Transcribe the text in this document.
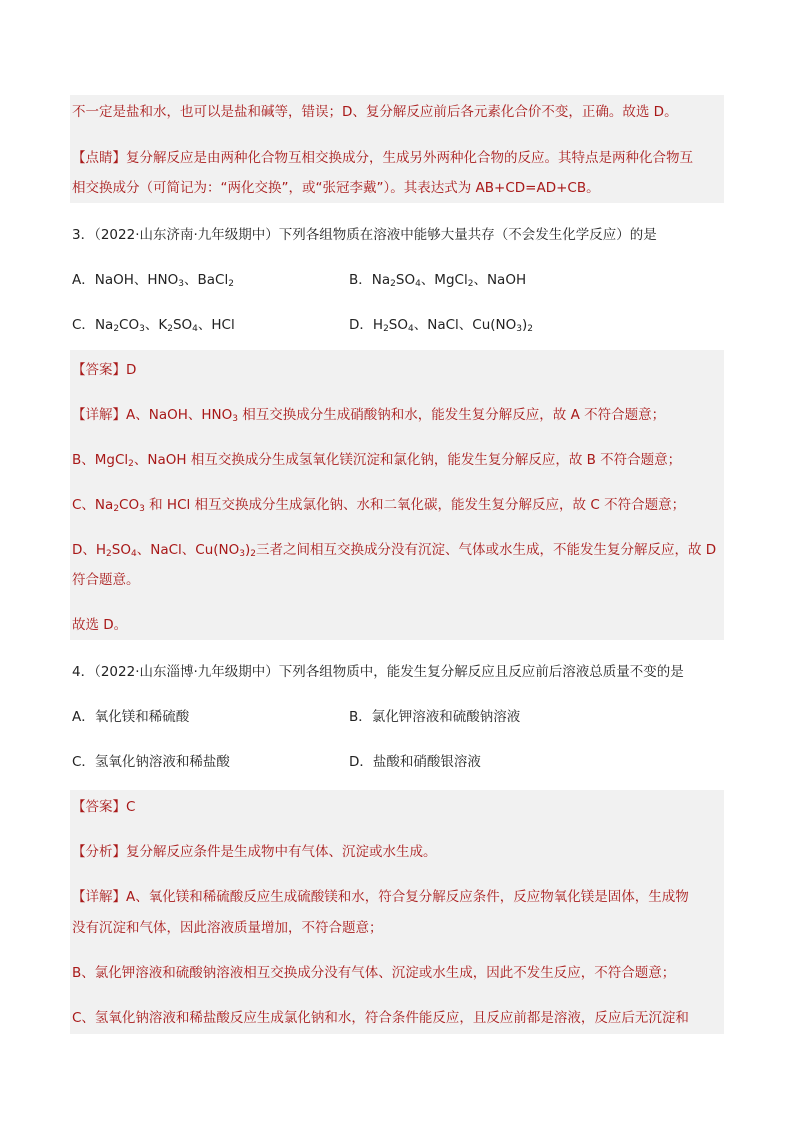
不一定是盐和水，也可以是盐和碱等，错误；D、复分解反应前后各元素化合价不变，正确。故选 D。
【点睛】复分解反应是由两种化合物互相交换成分，生成另外两种化合物的反应。其特点是两种化合物互
相交换成分（可简记为：“两化交换”，或“张冠李戴”）。其表达式为 AB+CD=AD+CB。
3．（2022·山东济南·九年级期中）下列各组物质在溶液中能够大量共存（不会发生化学反应）的是
A．NaOH、$HNO_3$、BaCl$_2$	B．$Na_2SO_4$、MgCl$_2$、NaOH
C．$Na_2CO_3$、$K_2SO_4$、HCl	D．$H_2SO_4$、NaCl、$Cu(NO_3)_2$
【答案】D
【详解】A、NaOH、$HNO_3$ 相互交换成分生成硝酸钠和水，能发生复分解反应，故 A 不符合题意；
B、MgCl$_2$、NaOH 相互交换成分生成氢氧化镁沉淀和氯化钠，能发生复分解反应，故 B 不符合题意；
C、$Na_2CO_3$ 和 HCl 相互交换成分生成氯化钠、水和二氧化碳，能发生复分解反应，故 C 不符合题意；
D、$H_2SO_4$、NaCl、$Cu(NO_3)_2$三者之间相互交换成分没有沉淀、气体或水生成，不能发生复分解反应，故 D
符合题意。
故选 D。
4．（2022·山东淄博·九年级期中）下列各组物质中，能发生复分解反应且反应前后溶液总质量不变的是
A．氧化镁和稀硫酸	B．氯化钾溶液和硫酸钠溶液
C．氢氧化钠溶液和稀盐酸	D．盐酸和硝酸银溶液
【答案】C
【分析】复分解反应条件是生成物中有气体、沉淀或水生成。
【详解】A、氧化镁和稀硫酸反应生成硫酸镁和水，符合复分解反应条件，反应物氧化镁是固体，生成物
没有沉淀和气体，因此溶液质量增加，不符合题意；
B、氯化钾溶液和硫酸钠溶液相互交换成分没有气体、沉淀或水生成，因此不发生反应，不符合题意；
C、氢氧化钠溶液和稀盐酸反应生成氯化钠和水，符合条件能反应，且反应前都是溶液，反应后无沉淀和
